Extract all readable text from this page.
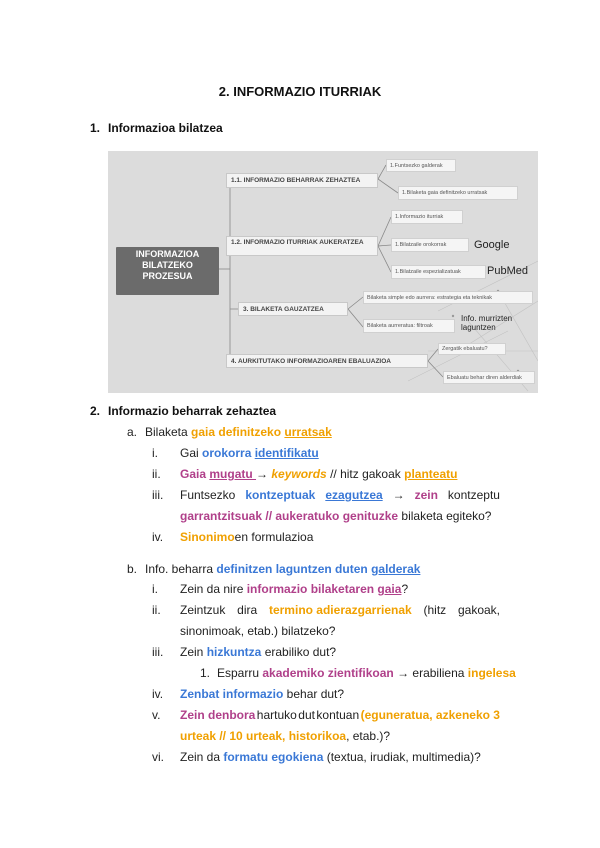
2. INFORMAZIO ITURRIAK
1. Informazioa bilatzea
INFORMAZIOA BILATZEKO PROZESUA
1.1. INFORMAZIO BEHARRAK ZEHAZTEA
1.2. INFORMAZIO ITURRIAK AUKERATZEA
3. BILAKETA GAUZATZEA
4. AURKITUTAKO INFORMAZIOAREN EBALUAZIOA
1.Funtsezko galderak
1.Bilaketa gaia definitzeko urratsak
1.Informazio iturriak
1.Bilatzaile orokorrak
1.Bilatzaile espezializatuak
Bilaketa simple edo aurrera: estrategia eta teknikak
Bilaketa aurreratua: filtroak
Zergatik ebaluatu?
Ebaluatu behar diren alderdiak
Google
PubMed
Info. murrizten laguntzen
2. Informazio beharrak zehaztea
a. Bilaketa gaia definitzeko urratsak
i. Gai orokorra identifikatu
ii. Gaia mugatu → keywords // hitz gakoak planteatu
iii. Funtsezko kontzeptuak ezagutzea → zein kontzeptu
garrantzitsuak // aukeratuko genituzke bilaketa egiteko?
iv. Sinonimoen formulazioa
b. Info. beharra definitzen laguntzen duten galderak
i. Zein da nire informazio bilaketaren gaia?
ii. Zeintzuk dira termino adierazgarrienak (hitz gakoak,
sinonimoak, etab.) bilatzeko?
iii. Zein hizkuntza erabiliko dut?
1. Esparru akademiko zientifikoan → erabiliena ingelesa
iv. Zenbat informazio behar dut?
v. Zein denbora hartuko dut kontuan (eguneratua, azkeneko 3
urteak // 10 urteak, historikoa, etab.)?
vi. Zein da formatu egokiena (textua, irudiak, multimedia)?
